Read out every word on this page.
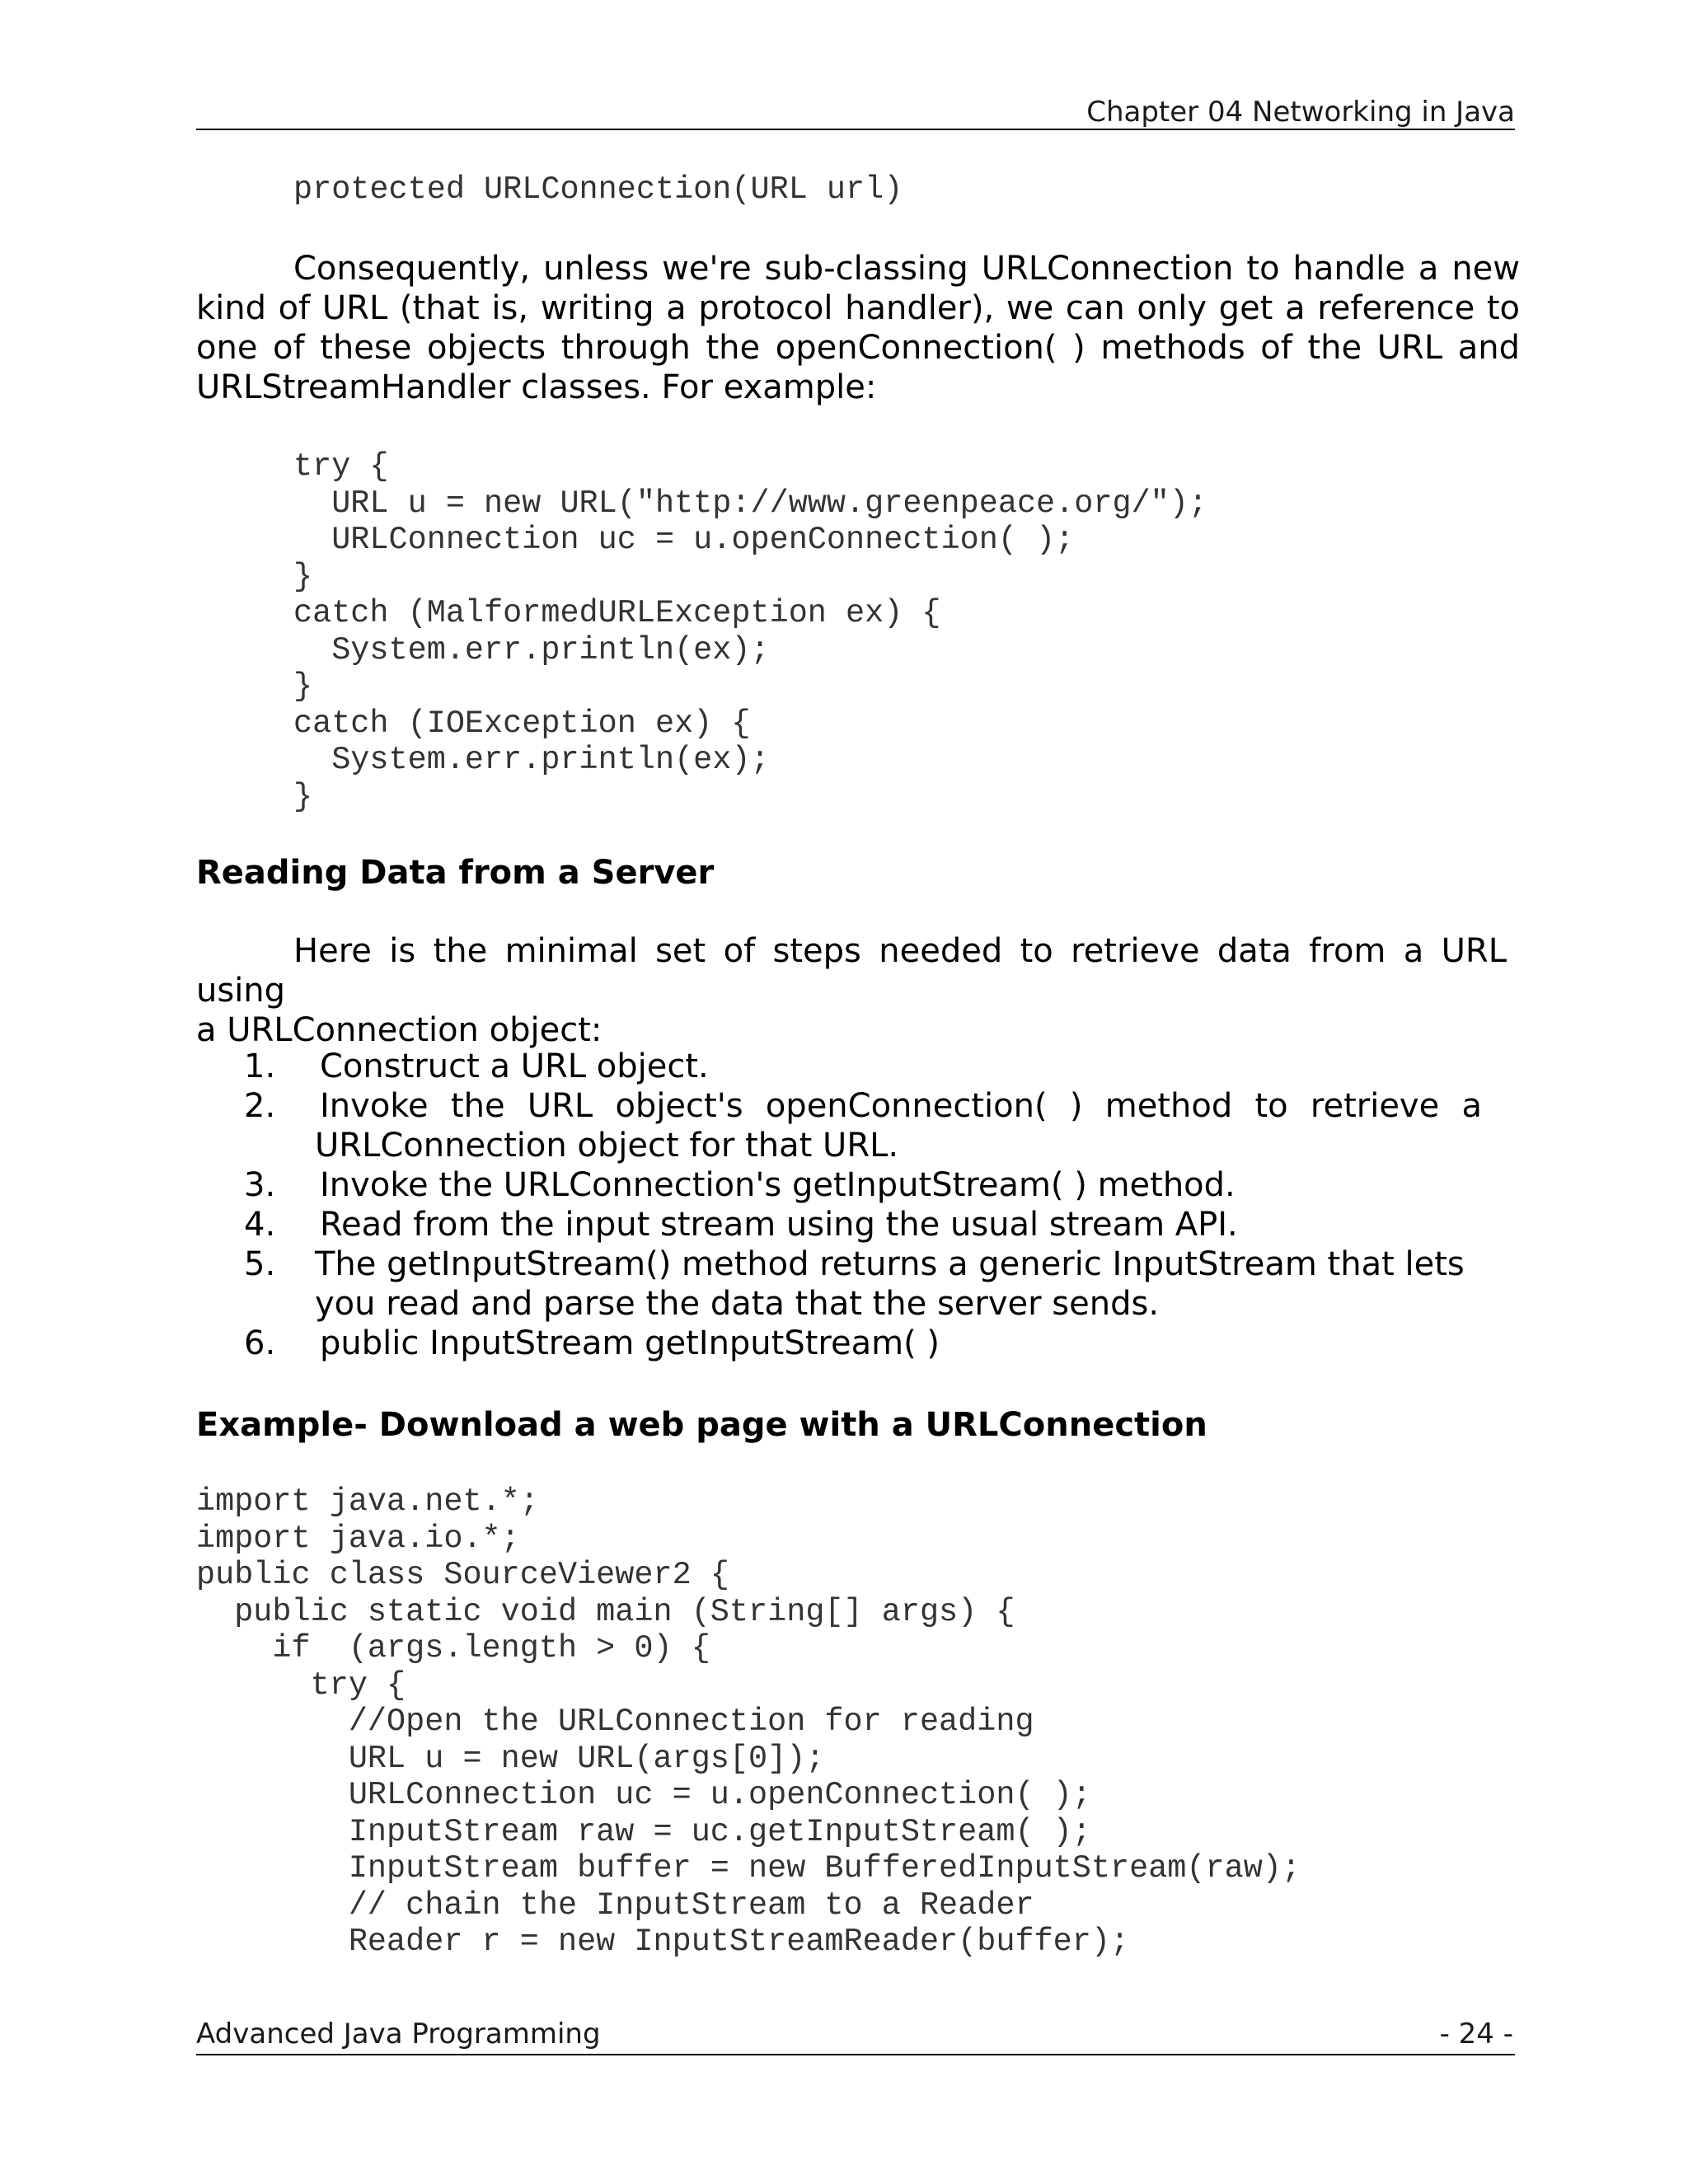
Chapter 04 Networking in Java
protected URLConnection(URL url)
Consequently, unless we're sub-classing URLConnection to handle a new
kind of URL (that is, writing a protocol handler), we can only get a reference to
one of these objects through the openConnection( ) methods of the URL and
URLStreamHandler classes. For example:
try {
URL u = new URL("http://www.greenpeace.org/");
URLConnection uc = u.openConnection( );
}
catch (MalformedURLException ex) {
System.err.println(ex);
}
catch (IOException ex) {
System.err.println(ex);
}
Reading Data from a Server
Here is the minimal set of steps needed to retrieve data from a URL using
a URLConnection object:
1. Construct a URL object.
2. Invoke the URL object's openConnection( ) method to retrieve a
URLConnection object for that URL.
3. Invoke the URLConnection's getInputStream( ) method.
4. Read from the input stream using the usual stream API.
5. The getInputStream() method returns a generic InputStream that lets
you read and parse the data that the server sends.
6. public InputStream getInputStream( )
Example- Download a web page with a URLConnection
import java.net.*;
import java.io.*;
public class SourceViewer2 {
public static void main (String[] args) {
if  (args.length > 0) {
try {
//Open the URLConnection for reading
URL u = new URL(args[0]);
URLConnection uc = u.openConnection( );
InputStream raw = uc.getInputStream( );
InputStream buffer = new BufferedInputStream(raw);
// chain the InputStream to a Reader
Reader r = new InputStreamReader(buffer);
Advanced Java Programming	- 24 -
